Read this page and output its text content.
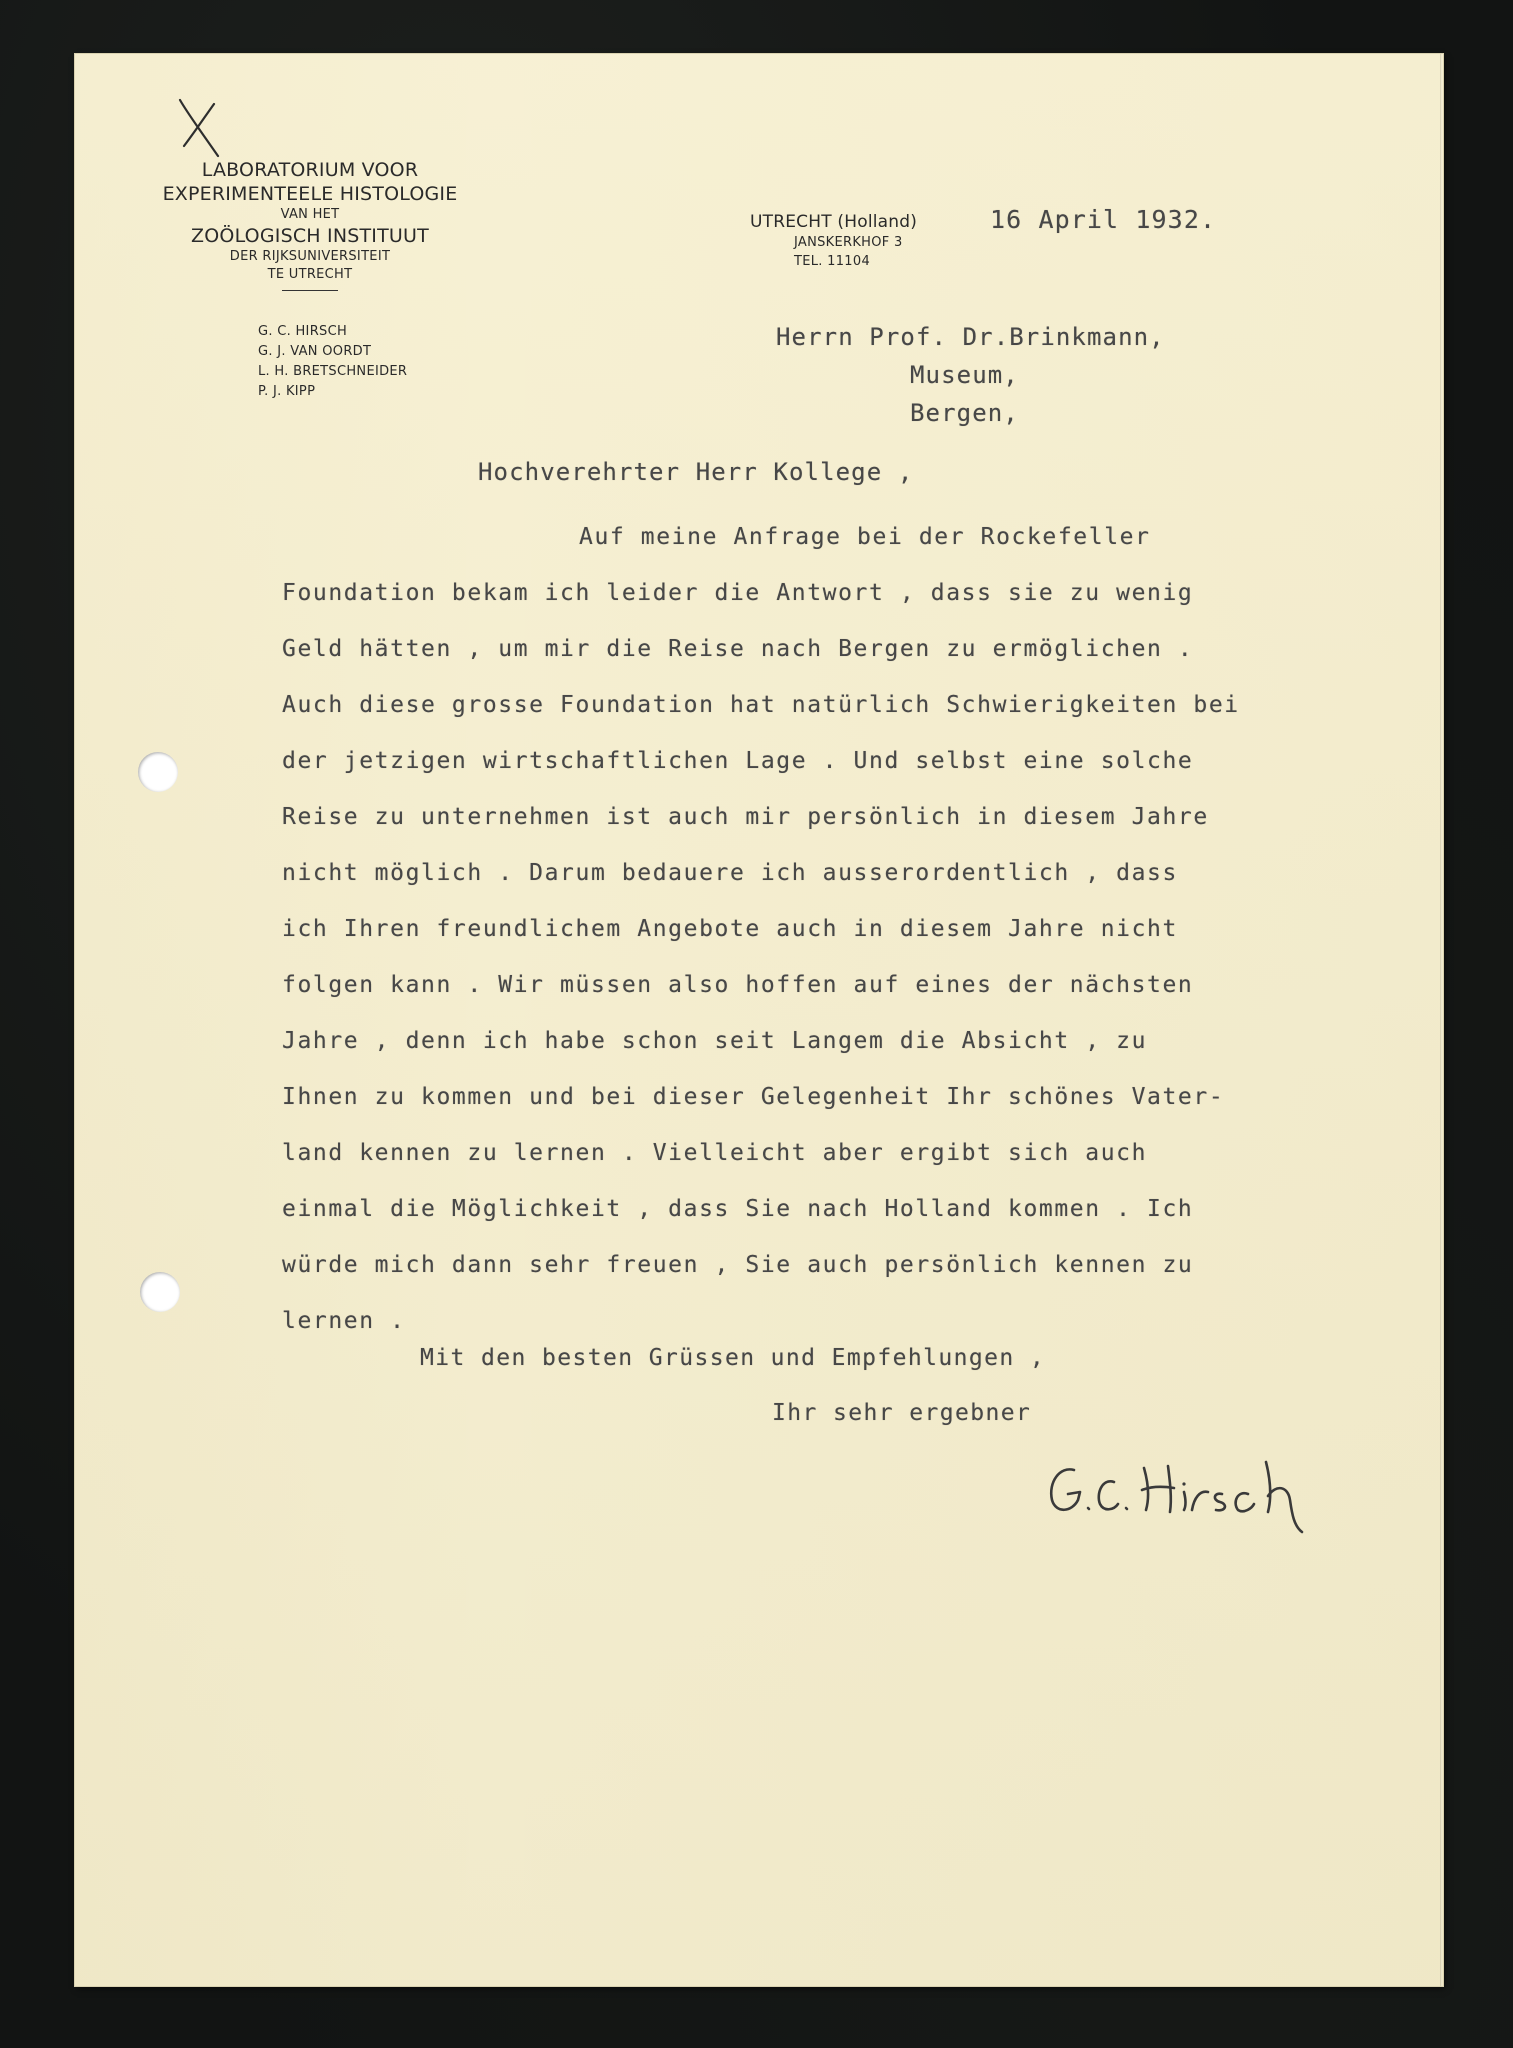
LABORATORIUM VOOR
EXPERIMENTEELE HISTOLOGIE
VAN HET
ZOÖLOGISCH INSTITUUT
DER RIJKSUNIVERSITEIT
TE UTRECHT
G. C. HIRSCH
G. J. VAN OORDT
L. H. BRETSCHNEIDER
P. J. KIPP
UTRECHT (Holland)
JANSKERKHOF 3
TEL. 11104
16 April 1932.
Herrn Prof. Dr.Brinkmann,
Museum,
Bergen,
Hochverehrter Herr Kollege ,
Auf meine Anfrage bei der Rockefeller
Foundation bekam ich leider die Antwort , dass sie zu wenig
Geld hätten , um mir die Reise nach Bergen zu ermöglichen .
Auch diese grosse Foundation hat natürlich Schwierigkeiten bei
der jetzigen wirtschaftlichen Lage . Und selbst eine solche
Reise zu unternehmen ist auch mir persönlich in diesem Jahre
nicht möglich . Darum bedauere ich ausserordentlich , dass
ich Ihren freundlichem Angebote auch in diesem Jahre nicht
folgen kann . Wir müssen also hoffen auf eines der nächsten
Jahre , denn ich habe schon seit Langem die Absicht , zu
Ihnen zu kommen und bei dieser Gelegenheit Ihr schönes Vater-
land kennen zu lernen . Vielleicht aber ergibt sich auch
einmal die Möglichkeit , dass Sie nach Holland kommen . Ich
würde mich dann sehr freuen , Sie auch persönlich kennen zu
lernen .
Mit den besten Grüssen und Empfehlungen ,
Ihr sehr ergebner
